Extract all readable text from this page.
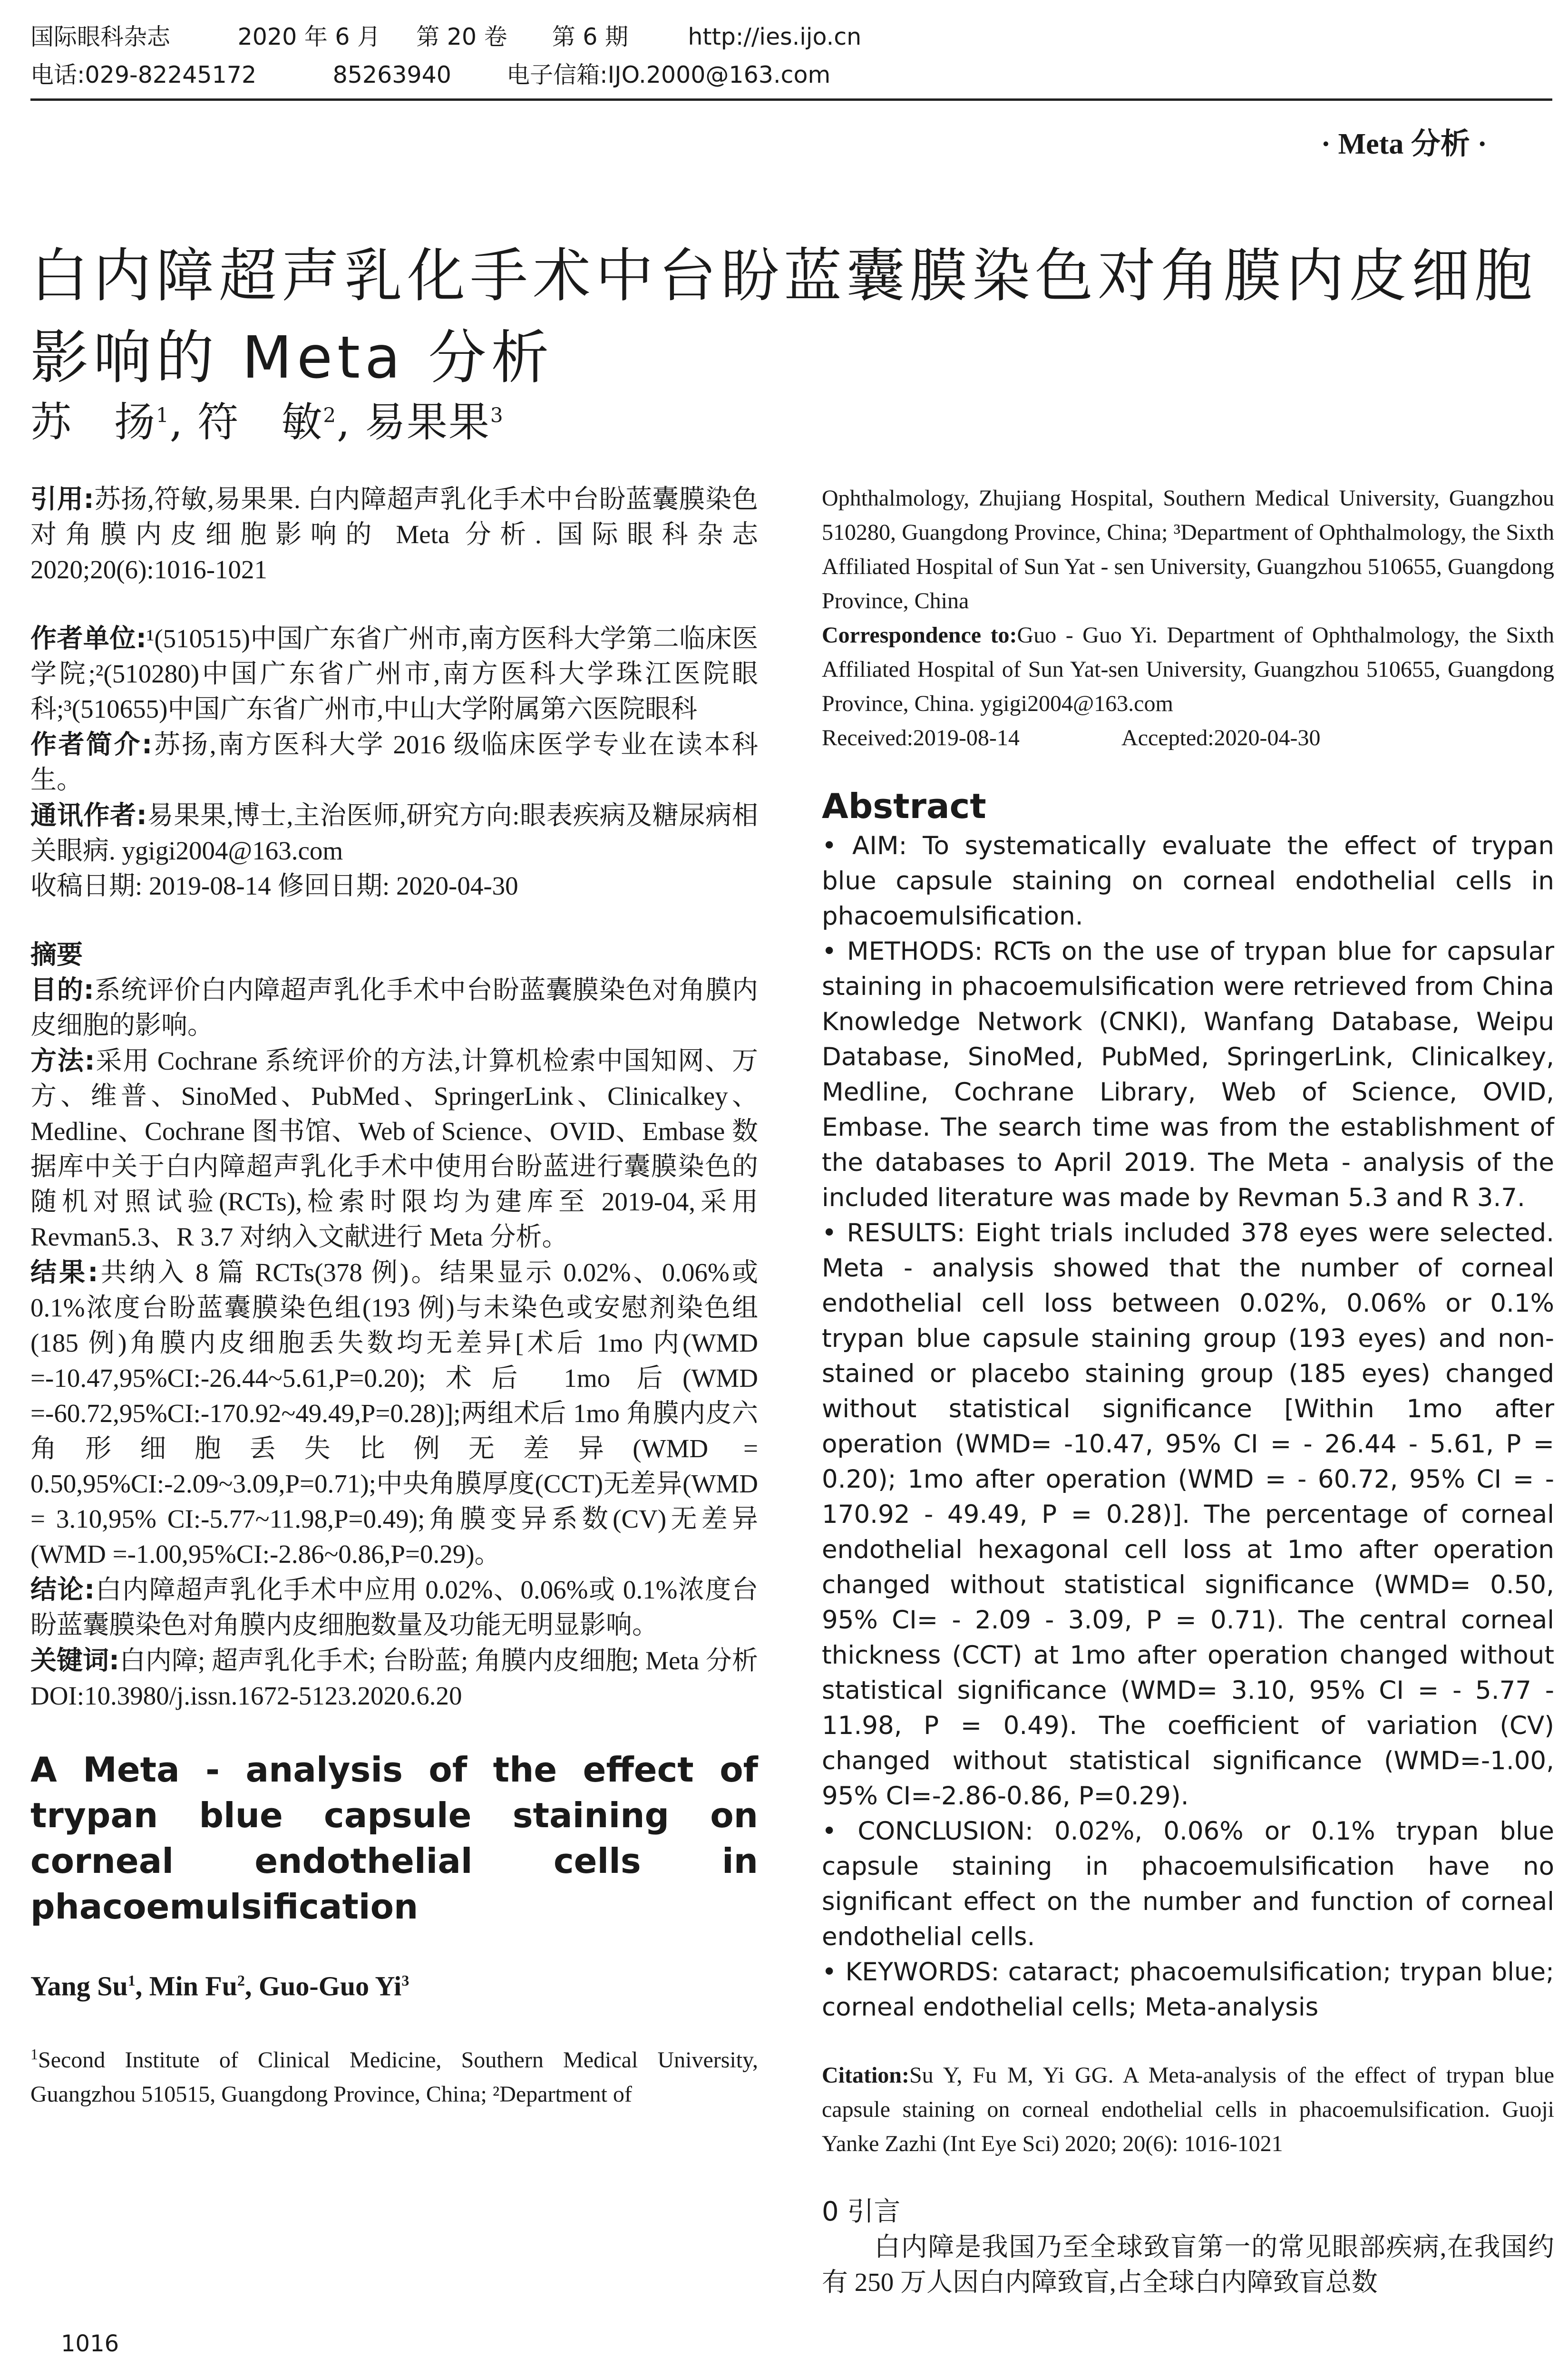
国际眼科杂志	2020 年 6 月 第 20 卷 第 6 期	http://ies.ijo.cn
电话:029-82245172	85263940 电子信箱:IJO.2000@163.com
· Meta 分析 ·
白内障超声乳化手术中台盼蓝囊膜染色对角膜内皮细胞影响的 Meta 分析
苏　扬$^1$, 符　敏$^2$, 易果果$^3$

引用:苏扬,符敏,易果果. 白内障超声乳化手术中台盼蓝囊膜染色对角膜内皮细胞影响的 Meta 分析. 国际眼科杂志 2020;20(6):1016-1021

作者单位:¹(510515)中国广东省广州市,南方医科大学第二临床医学院;²(510280)中国广东省广州市,南方医科大学珠江医院眼科;³(510655)中国广东省广州市,中山大学附属第六医院眼科

作者简介:苏扬,南方医科大学 2016 级临床医学专业在读本科生。

通讯作者:易果果,博士,主治医师,研究方向:眼表疾病及糖尿病相关眼病. ygigi2004@163.com

收稿日期: 2019-08-14 修回日期: 2020-04-30

摘要

目的:系统评价白内障超声乳化手术中台盼蓝囊膜染色对角膜内皮细胞的影响。

方法:采用 Cochrane 系统评价的方法,计算机检索中国知网、万方、维普、SinoMed、PubMed、SpringerLink、Clinicalkey、Medline、Cochrane 图书馆、Web of Science、OVID、Embase 数据库中关于白内障超声乳化手术中使用台盼蓝进行囊膜染色的随机对照试验(RCTs),检索时限均为建库至 2019-04,采用 Revman5.3、R 3.7 对纳入文献进行 Meta 分析。

结果:共纳入 8 篇 RCTs(378 例)。结果显示 0.02%、0.06%或 0.1%浓度台盼蓝囊膜染色组(193 例)与未染色或安慰剂染色组(185 例)角膜内皮细胞丢失数均无差异[术后 1mo 内(WMD =-10.47,95%CI:-26.44~5.61,P=0.20);术后 1mo 后(WMD =-60.72,95%CI:-170.92~49.49,P=0.28)];两组术后 1mo 角膜内皮六角形细胞丢失比例无差异(WMD = 0.50,95%CI:-2.09~3.09,P=0.71);中央角膜厚度(CCT)无差异(WMD = 3.10,95% CI:-5.77~11.98,P=0.49);角膜变异系数(CV)无差异(WMD =-1.00,95%CI:-2.86~0.86,P=0.29)。

结论:白内障超声乳化手术中应用 0.02%、0.06%或 0.1%浓度台盼蓝囊膜染色对角膜内皮细胞数量及功能无明显影响。

关键词:白内障; 超声乳化手术; 台盼蓝; 角膜内皮细胞; Meta 分析

DOI:10.3980/j.issn.1672-5123.2020.6.20

A Meta - analysis of the effect of trypan blue capsule staining on corneal endothelial cells in phacoemulsification

Yang Su$^1$, Min Fu$^2$, Guo-Guo Yi$^3$

$^1$Second Institute of Clinical Medicine, Southern Medical University, Guangzhou 510515, Guangdong Province, China; ²Department of

Ophthalmology, Zhujiang Hospital, Southern Medical University, Guangzhou 510280, Guangdong Province, China; ³Department of Ophthalmology, the Sixth Affiliated Hospital of Sun Yat - sen University, Guangzhou 510655, Guangdong Province, China

Correspondence to:Guo - Guo Yi. Department of Ophthalmology, the Sixth Affiliated Hospital of Sun Yat-sen University, Guangzhou 510655, Guangdong Province, China. ygigi2004@163.com

Received:2019-08-14	Accepted:2020-04-30

Abstract

• AIM: To systematically evaluate the effect of trypan blue capsule staining on corneal endothelial cells in phacoemulsification.

• METHODS: RCTs on the use of trypan blue for capsular staining in phacoemulsification were retrieved from China Knowledge Network (CNKI), Wanfang Database, Weipu Database, SinoMed, PubMed, SpringerLink, Clinicalkey, Medline, Cochrane Library, Web of Science, OVID, Embase. The search time was from the establishment of the databases to April 2019. The Meta - analysis of the included literature was made by Revman 5.3 and R 3.7.

• RESULTS: Eight trials included 378 eyes were selected. Meta - analysis showed that the number of corneal endothelial cell loss between 0.02%, 0.06% or 0.1% trypan blue capsule staining group (193 eyes) and non-stained or placebo staining group (185 eyes) changed without statistical significance [Within 1mo after operation (WMD= -10.47, 95% CI = - 26.44 - 5.61, P = 0.20); 1mo after operation (WMD = - 60.72, 95% CI = - 170.92 - 49.49, P = 0.28)]. The percentage of corneal endothelial hexagonal cell loss at 1mo after operation changed without statistical significance (WMD= 0.50, 95% CI= - 2.09 - 3.09, P = 0.71). The central corneal thickness (CCT) at 1mo after operation changed without statistical significance (WMD= 3.10, 95% CI = - 5.77 - 11.98, P = 0.49). The coefficient of variation (CV) changed without statistical significance (WMD=-1.00, 95% CI=-2.86-0.86, P=0.29).

• CONCLUSION: 0.02%, 0.06% or 0.1% trypan blue capsule staining in phacoemulsification have no significant effect on the number and function of corneal endothelial cells.

• KEYWORDS: cataract; phacoemulsification; trypan blue; corneal endothelial cells; Meta-analysis

Citation:Su Y, Fu M, Yi GG. A Meta-analysis of the effect of trypan blue capsule staining on corneal endothelial cells in phacoemulsification. Guoji Yanke Zazhi (Int Eye Sci) 2020; 20(6): 1016-1021

0 引言

白内障是我国乃至全球致盲第一的常见眼部疾病,在我国约有 250 万人因白内障致盲,占全球白内障致盲总数

1016
